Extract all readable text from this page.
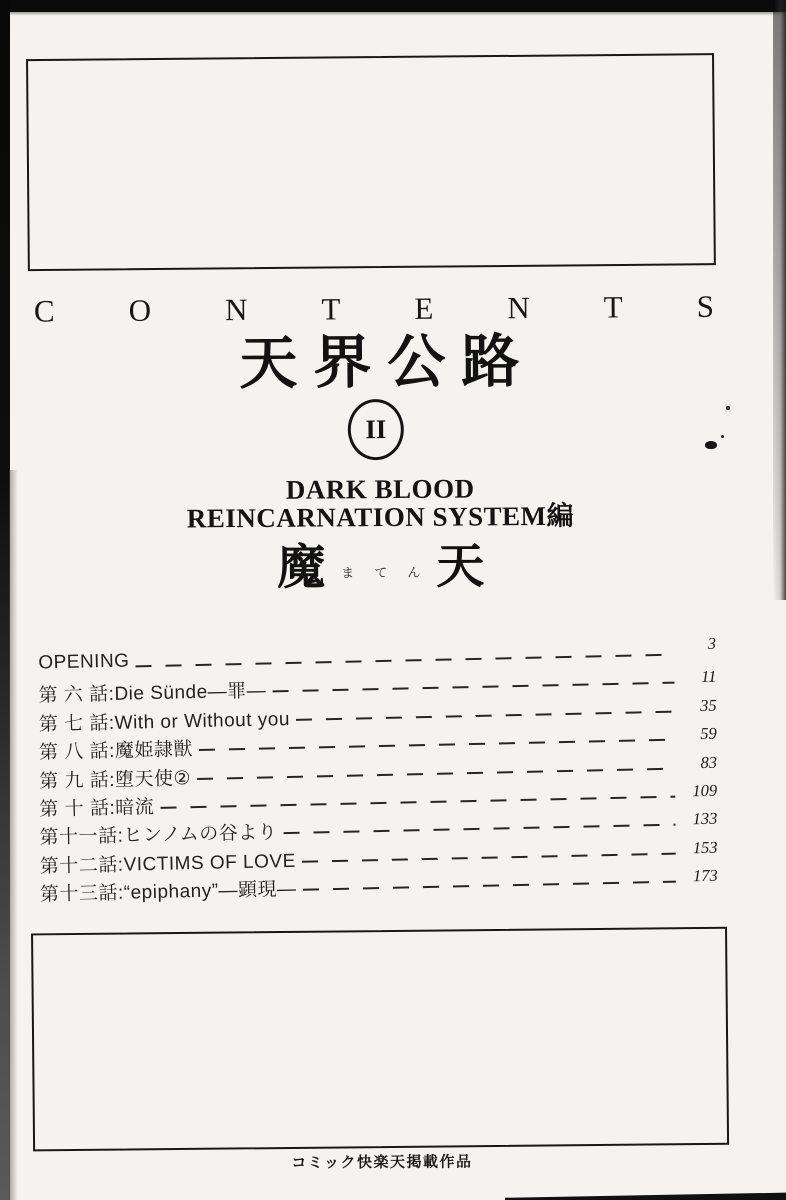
C O N T E N T S
天界公路
II
DARK BLOOD
REINCARNATION SYSTEM編
魔 ま て ん 天
OPENING
3
第 六 話:Die Sünde―罪―
11
第 七 話:With or Without you
35
第 八 話:魔姫隷獣
59
第 九 話:堕天使②
83
第 十 話:暗流
109
第十一話:ヒンノムの谷より
133
第十二話:VICTIMS OF LOVE
153
第十三話:“epiphany”―顕現―
173
コミック快楽天掲載作品
